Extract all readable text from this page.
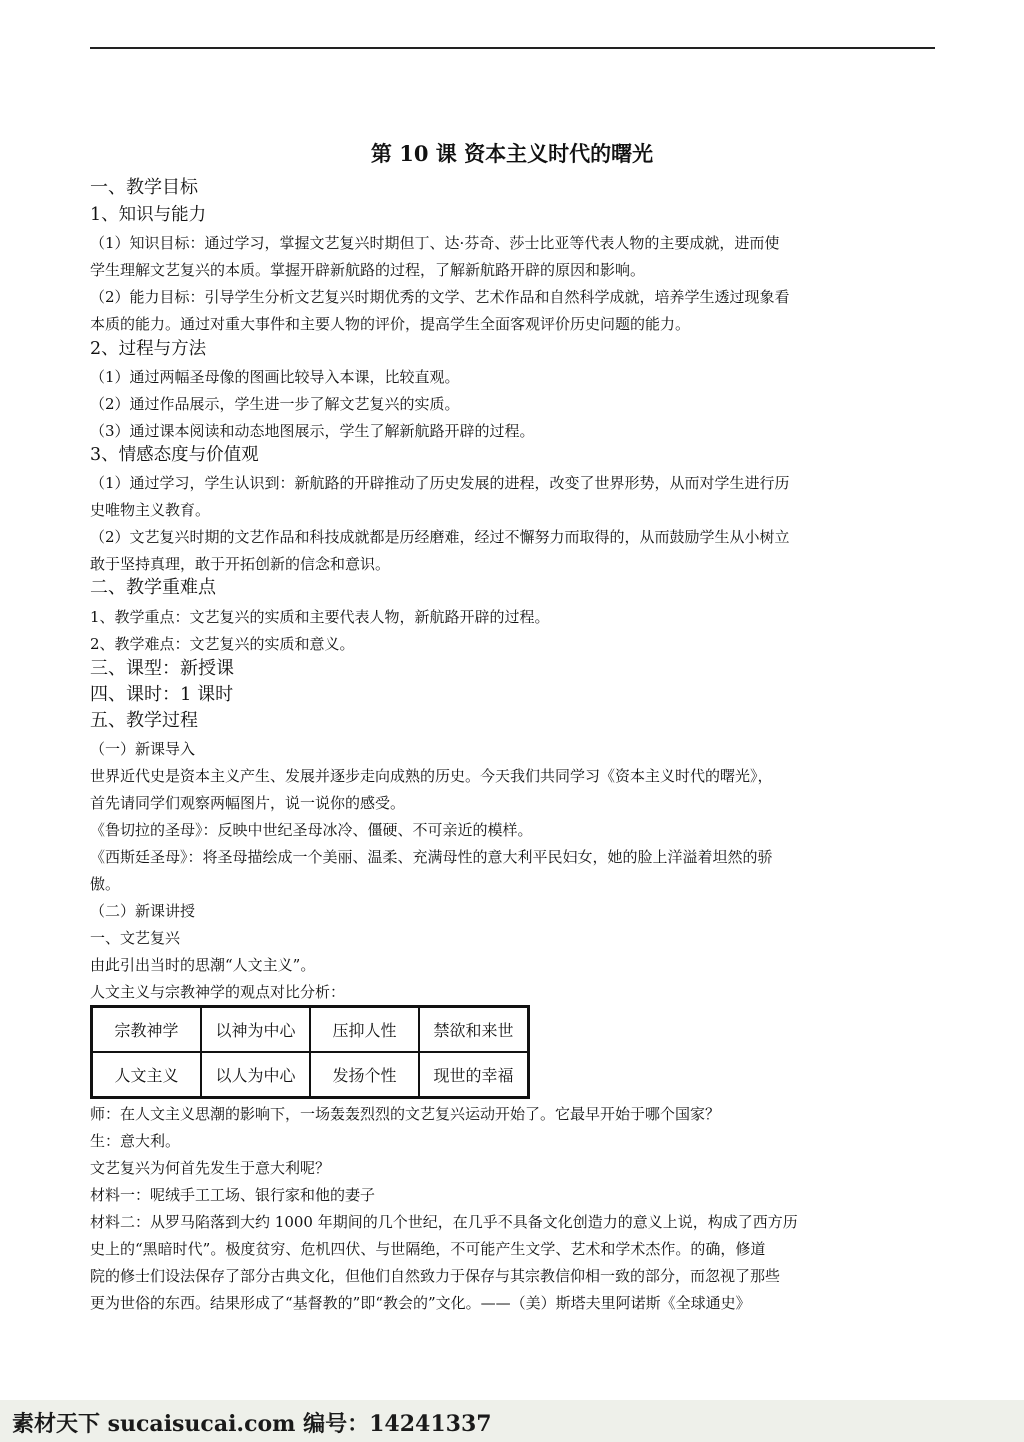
第 10 课 资本主义时代的曙光
一、教学目标
1、知识与能力
（1）知识目标：通过学习，掌握文艺复兴时期但丁、达·芬奇、莎士比亚等代表人物的主要成就，进而使
学生理解文艺复兴的本质。掌握开辟新航路的过程，了解新航路开辟的原因和影响。
（2）能力目标：引导学生分析文艺复兴时期优秀的文学、艺术作品和自然科学成就，培养学生透过现象看
本质的能力。通过对重大事件和主要人物的评价，提高学生全面客观评价历史问题的能力。
2、过程与方法
（1）通过两幅圣母像的图画比较导入本课，比较直观。
（2）通过作品展示，学生进一步了解文艺复兴的实质。
（3）通过课本阅读和动态地图展示，学生了解新航路开辟的过程。
3、情感态度与价值观
（1）通过学习，学生认识到：新航路的开辟推动了历史发展的进程，改变了世界形势，从而对学生进行历
史唯物主义教育。
（2）文艺复兴时期的文艺作品和科技成就都是历经磨难，经过不懈努力而取得的，从而鼓励学生从小树立
敢于坚持真理，敢于开拓创新的信念和意识。
二、教学重难点
1、教学重点：文艺复兴的实质和主要代表人物，新航路开辟的过程。
2、教学难点：文艺复兴的实质和意义。
三、课型：新授课
四、课时：1 课时
五、教学过程
（一）新课导入
世界近代史是资本主义产生、发展并逐步走向成熟的历史。今天我们共同学习《资本主义时代的曙光》，
首先请同学们观察两幅图片，说一说你的感受。
《鲁切拉的圣母》：反映中世纪圣母冰冷、僵硬、不可亲近的模样。
《西斯廷圣母》：将圣母描绘成一个美丽、温柔、充满母性的意大利平民妇女，她的脸上洋溢着坦然的骄
傲。
（二）新课讲授
一、文艺复兴
由此引出当时的思潮“人文主义”。
人文主义与宗教神学的观点对比分析：
宗教神学	以神为中心	压抑人性	禁欲和来世
人文主义	以人为中心	发扬个性	现世的幸福
师：在人文主义思潮的影响下，一场轰轰烈烈的文艺复兴运动开始了。它最早开始于哪个国家？
生：意大利。
文艺复兴为何首先发生于意大利呢？
材料一：呢绒手工工场、银行家和他的妻子
材料二：从罗马陷落到大约 1000 年期间的几个世纪，在几乎不具备文化创造力的意义上说，构成了西方历
史上的“黑暗时代”。极度贫穷、危机四伏、与世隔绝，不可能产生文学、艺术和学术杰作。的确，修道
院的修士们设法保存了部分古典文化，但他们自然致力于保存与其宗教信仰相一致的部分，而忽视了那些
更为世俗的东西。结果形成了“基督教的”即“教会的”文化。——（美）斯塔夫里阿诺斯《全球通史》
素材天下 sucaisucai.com 编号：14241337
